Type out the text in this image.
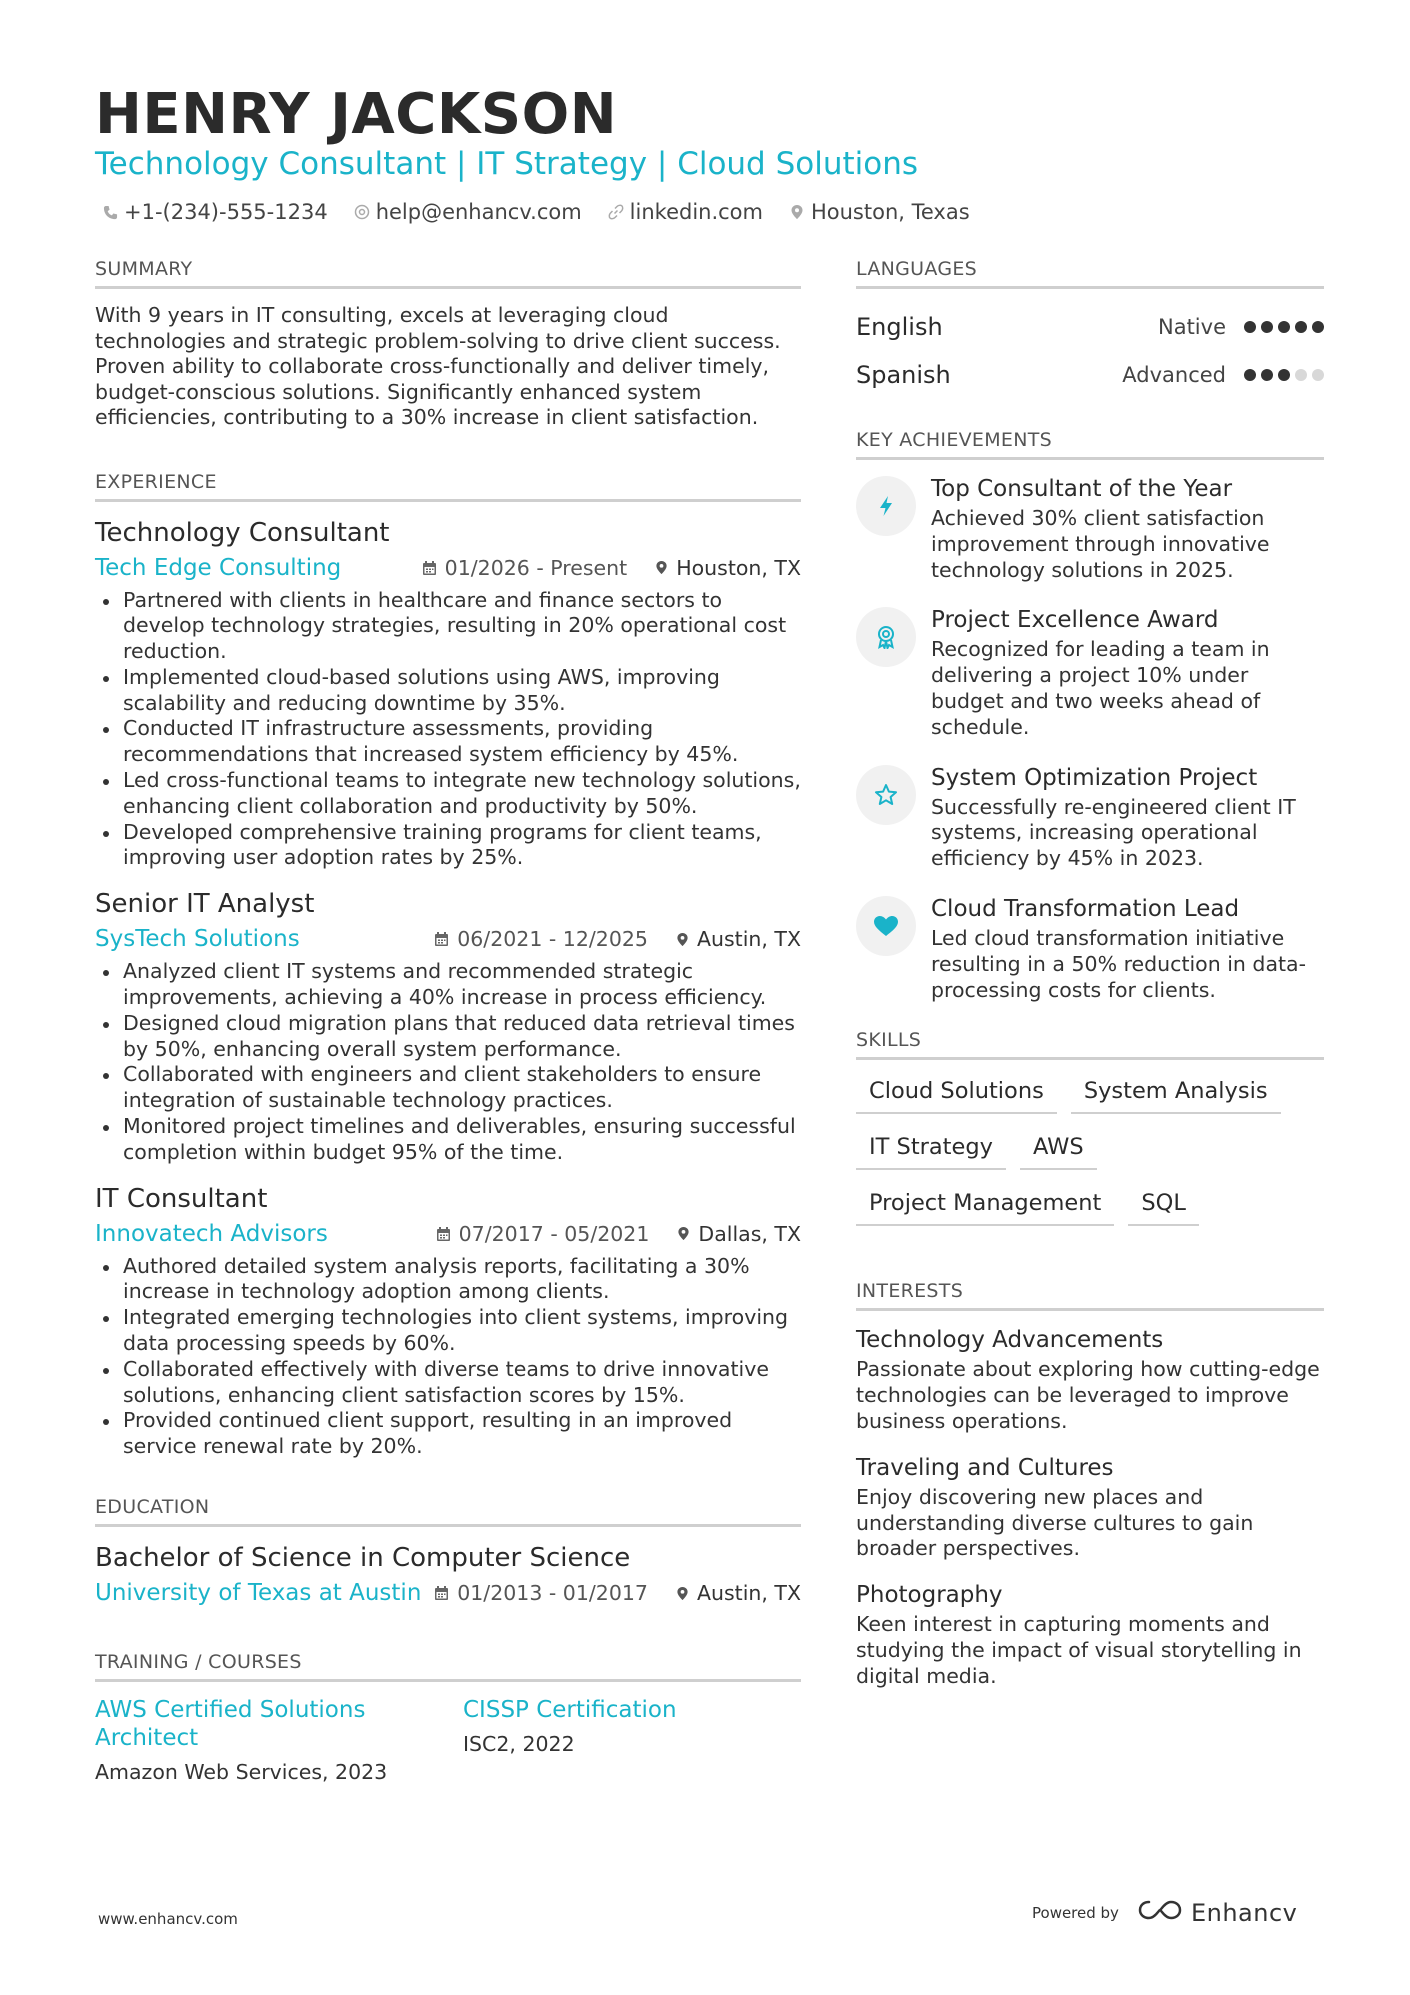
HENRY JACKSON
Technology Consultant | IT Strategy | Cloud Solutions
+1-(234)-555-1234 help@enhancv.com linkedin.com Houston, Texas
SUMMARY

With 9 years in IT consulting, excels at leveraging cloud technologies and strategic problem-solving to drive client success. Proven ability to collaborate cross-functionally and deliver timely, budget-conscious solutions. Significantly enhanced system efficiencies, contributing to a 30% increase in client satisfaction.

EXPERIENCE
Technology Consultant
Tech Edge Consulting	01/2026 - Present Houston, TX
Partnered with clients in healthcare and finance sectors to develop technology strategies, resulting in 20% operational cost reduction.
Implemented cloud-based solutions using AWS, improving scalability and reducing downtime by 35%.
Conducted IT infrastructure assessments, providing recommendations that increased system efficiency by 45%.
Led cross-functional teams to integrate new technology solutions, enhancing client collaboration and productivity by 50%.
Developed comprehensive training programs for client teams, improving user adoption rates by 25%.
Senior IT Analyst
SysTech Solutions	06/2021 - 12/2025 Austin, TX
Analyzed client IT systems and recommended strategic improvements, achieving a 40% increase in process efficiency.
Designed cloud migration plans that reduced data retrieval times by 50%, enhancing overall system performance.
Collaborated with engineers and client stakeholders to ensure integration of sustainable technology practices.
Monitored project timelines and deliverables, ensuring successful completion within budget 95% of the time.
IT Consultant
Innovatech Advisors	07/2017 - 05/2021 Dallas, TX
Authored detailed system analysis reports, facilitating a 30% increase in technology adoption among clients.
Integrated emerging technologies into client systems, improving data processing speeds by 60%.
Collaborated effectively with diverse teams to drive innovative solutions, enhancing client satisfaction scores by 15%.
Provided continued client support, resulting in an improved service renewal rate by 20%.
EDUCATION
Bachelor of Science in Computer Science
University of Texas at Austin	01/2013 - 01/2017 Austin, TX
TRAINING / COURSES
AWS Certified Solutions Architect
Amazon Web Services, 2023
CISSP Certification
ISC2, 2022
LANGUAGES
English	Native
Spanish	Advanced
KEY ACHIEVEMENTS
Top Consultant of the Year
Achieved 30% client satisfaction improvement through innovative technology solutions in 2025.
Project Excellence Award
Recognized for leading a team in delivering a project 10% under budget and two weeks ahead of schedule.
System Optimization Project
Successfully re-engineered client IT systems, increasing operational efficiency by 45% in 2023.
Cloud Transformation Lead
Led cloud transformation initiative resulting in a 50% reduction in data-processing costs for clients.
SKILLS
Cloud Solutions	System Analysis
IT Strategy	AWS
Project Management	SQL
INTERESTS
Technology Advancements
Passionate about exploring how cutting-edge technologies can be leveraged to improve business operations.
Traveling and Cultures
Enjoy discovering new places and understanding diverse cultures to gain broader perspectives.
Photography
Keen interest in capturing moments and studying the impact of visual storytelling in digital media.
www.enhancv.com	Powered by	Enhancv
